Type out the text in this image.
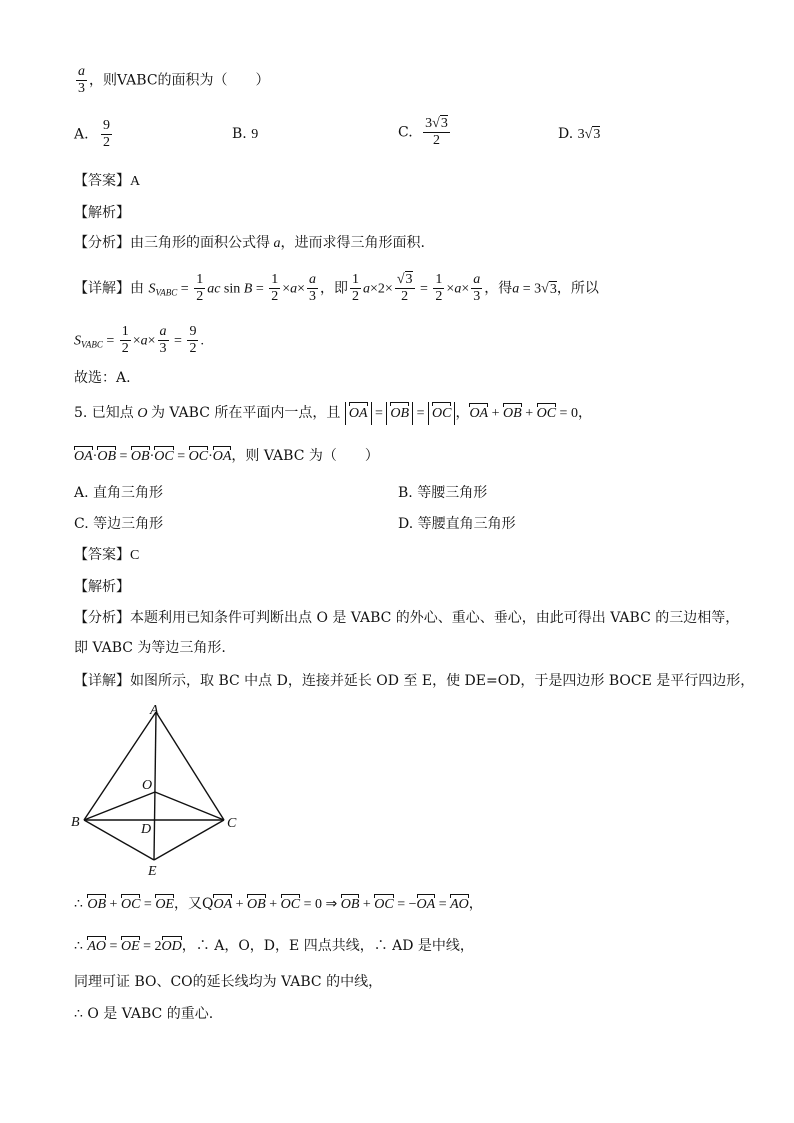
$\frac{a}{3}$ ，则VABC的面积为（　　）
A. $\frac{9}{2}$	B. 9	C. $\frac{3√3}{2}$	D. 3√3
【答案】A
【解析】
【分析】由三角形的面积公式得 a，进而求得三角形面积.
【详解】由 $S_{VABC} = \frac{1}{2}$ ac $\sin B = \frac{1}{2} \times a\times \frac{a}{3}$ ，即 $\frac{1}{2} a\times 2\times \frac{√3}{2} = \frac{1}{2} \times a\times \frac{a}{3}$ ，得a = 3√3，所以
$S_{VABC} = \frac{1}{2} \times a\times \frac{a}{3} = \frac{9}{2}$ .
故选：A.
5. 已知点 O 为 VABC 所在平面内一点，且 OA = OB = OC ，OA + OB + OC = 0，
OA·OB = OB·OC = OC·OA，则 VABC 为（　　）
A. 直角三角形	B. 等腰三角形
C. 等边三角形	D. 等腰直角三角形
【答案】C
【解析】
【分析】本题利用已知条件可判断出点 O 是 VABC 的外心、重心、垂心，由此可得出 VABC 的三边相等，
即 VABC 为等边三角形.
【详解】如图所示，取 BC 中点 D，连接并延长 OD 至 E，使 DE=OD，于是四边形 BOCE 是平行四边形，
A
O
B	C
D
E
∴ OB + OC = OE，又QOA + OB + OC = 0 ⇒ OB + OC = −OA = AO，
∴ AO = OE = 2OD，∴ A，O，D，E 四点共线，∴ AD 是中线，
同理可证 BO、CO的延长线均为 VABC 的中线，
∴ O 是 VABC 的重心.
